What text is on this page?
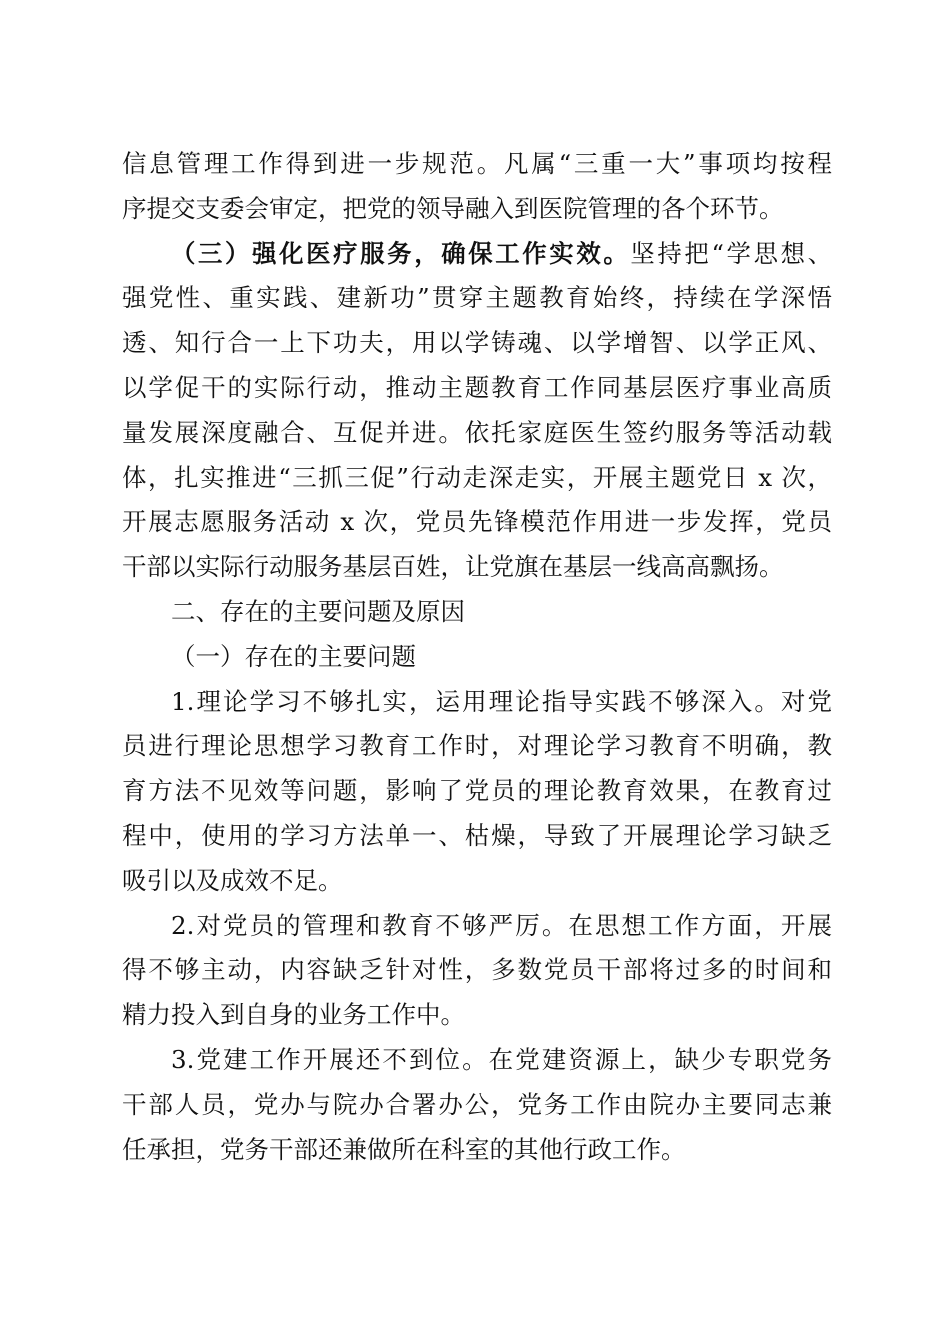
信息管理工作得到进一步规范。凡属“三重一大”事项均按程
序提交支委会审定，把党的领导融入到医院管理的各个环节。
（三）强化医疗服务，确保工作实效。坚持把“学思想、
强党性、重实践、建新功”贯穿主题教育始终，持续在学深悟
透、知行合一上下功夫，用以学铸魂、以学增智、以学正风、
以学促干的实际行动，推动主题教育工作同基层医疗事业高质
量发展深度融合、互促并进。依托家庭医生签约服务等活动载
体，扎实推进“三抓三促”行动走深走实，开展主题党日 x 次，
开展志愿服务活动 x 次，党员先锋模范作用进一步发挥，党员
干部以实际行动服务基层百姓，让党旗在基层一线高高飘扬。
二、存在的主要问题及原因
（一）存在的主要问题
1.理论学习不够扎实，运用理论指导实践不够深入。对党
员进行理论思想学习教育工作时，对理论学习教育不明确，教
育方法不见效等问题，影响了党员的理论教育效果，在教育过
程中，使用的学习方法单一、枯燥，导致了开展理论学习缺乏
吸引以及成效不足。
2.对党员的管理和教育不够严厉。在思想工作方面，开展
得不够主动，内容缺乏针对性，多数党员干部将过多的时间和
精力投入到自身的业务工作中。
3.党建工作开展还不到位。在党建资源上，缺少专职党务
干部人员，党办与院办合署办公，党务工作由院办主要同志兼
任承担，党务干部还兼做所在科室的其他行政工作。
